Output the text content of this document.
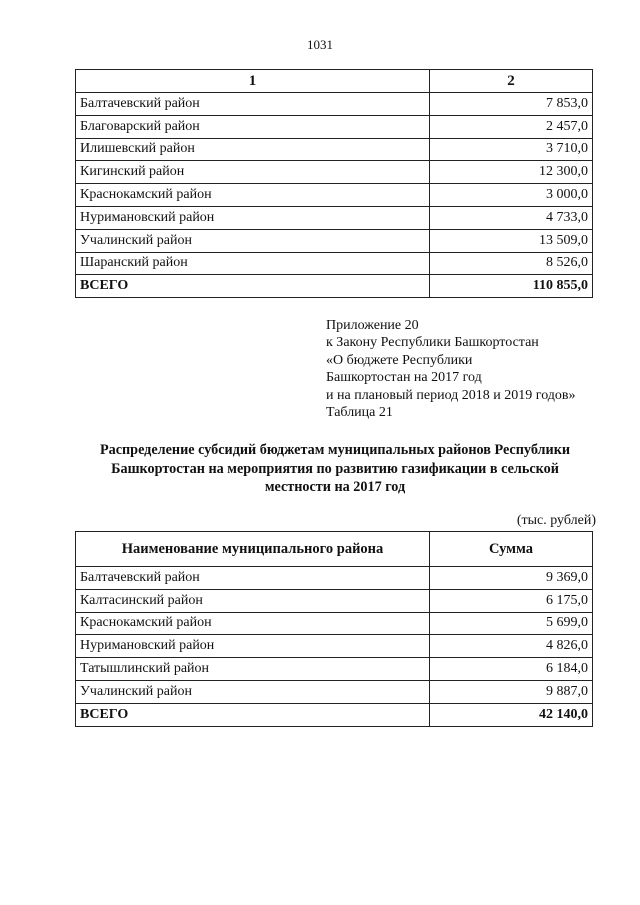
1031
1	2
Балтачевский район	7 853,0
Благоварский район	2 457,0
Илишевский район	3 710,0
Кигинский район	12 300,0
Краснокамский район	3 000,0
Нуримановский район	4 733,0
Учалинский район	13 509,0
Шаранский район	8 526,0
ВСЕГО	110 855,0
Приложение 20
к Закону Республики Башкортостан
«О бюджете Республики
Башкортостан на 2017 год
и на плановый период 2018 и 2019 годов»
Таблица 21
Распределение субсидий бюджетам муниципальных районов Республики
Башкортостан на мероприятия по развитию газификации в сельской
местности на 2017 год
(тыс. рублей)
Наименование муниципального района	Сумма
Балтачевский район	9 369,0
Калтасинский район	6 175,0
Краснокамский район	5 699,0
Нуримановский район	4 826,0
Татышлинский район	6 184,0
Учалинский район	9 887,0
ВСЕГО	42 140,0
